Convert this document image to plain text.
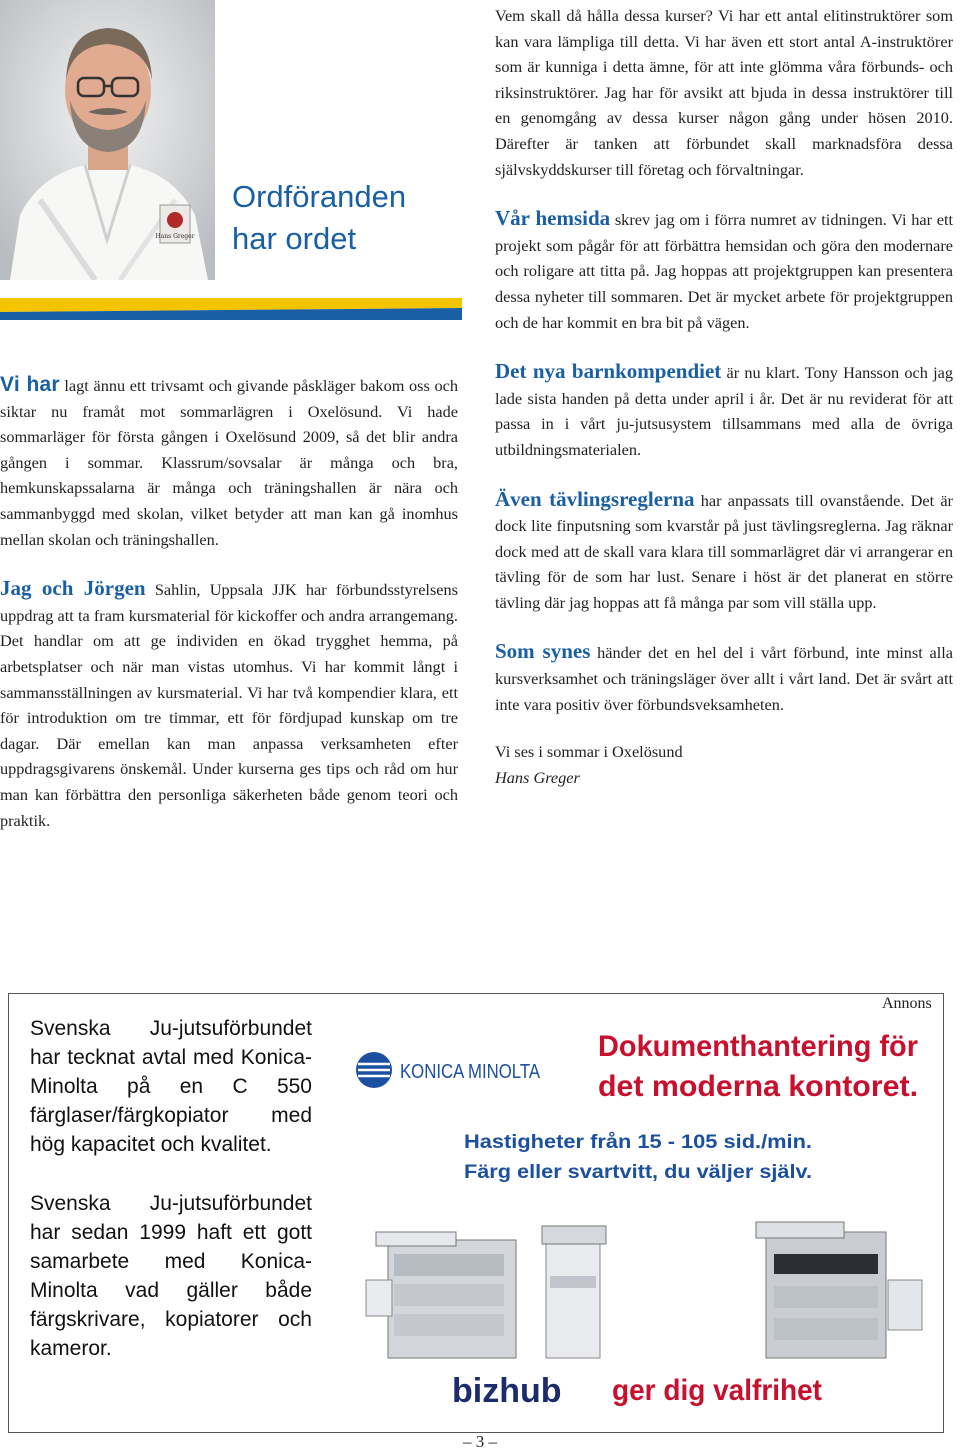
Hans Greger
Ordföranden
har ordet

Vi har lagt ännu ett trivsamt och givande påskläger bakom oss och siktar nu framåt mot sommarlägren i Oxelösund. Vi hade sommarläger för första gången i Oxelösund 2009, så det blir andra gången i sommar. Klassrum/sovsalar är många och bra, hemkunskapssalarna är många och träningshallen är nära och sammanbyggd med skolan, vilket betyder att man kan gå inomhus mellan skolan och träningshallen.

Jag och Jörgen Sahlin, Uppsala JJK har förbundsstyrelsens uppdrag att ta fram kursmaterial för kickoffer och andra arrangemang. Det handlar om att ge individen en ökad trygghet hemma, på arbetsplatser och när man vistas utomhus. Vi har kommit långt i sammansställningen av kursmaterial. Vi har två kompendier klara, ett för introduktion om tre timmar, ett för fördjupad kunskap om tre dagar. Där emellan kan man anpassa verksamheten efter uppdragsgivarens önskemål. Under kurserna ges tips och råd om hur man kan förbättra den personliga säkerheten både genom teori och praktik.

Vem skall då hålla dessa kurser? Vi har ett antal elitinstruktörer som kan vara lämpliga till detta. Vi har även ett stort antal A-instruktörer som är kunniga i detta ämne, för att inte glömma våra förbunds- och riksinstruktörer. Jag har för avsikt att bjuda in dessa instruktörer till en genomgång av dessa kurser någon gång under hösen 2010. Därefter är tanken att förbundet skall marknadsföra dessa självskyddskurser till företag och förvaltningar.

Vår hemsida skrev jag om i förra numret av tidningen. Vi har ett projekt som pågår för att förbättra hemsidan och göra den modernare och roligare att titta på. Jag hoppas att projektgruppen kan presentera dessa nyheter till sommaren. Det är mycket arbete för projektgruppen och de har kommit en bra bit på vägen.

Det nya barnkompendiet är nu klart. Tony Hansson och jag lade sista handen på detta under april i år. Det är nu reviderat för att passa in i vårt ju-jutsusystem tillsammans med alla de övriga utbildningsmaterialen.

Även tävlingsreglerna har anpassats till ovanstående. Det är dock lite finputsning som kvarstår på just tävlingsreglerna. Jag räknar dock med att de skall vara klara till sommarlägret där vi arrangerar en tävling för de som har lust. Senare i höst är det planerat en större tävling där jag hoppas att få många par som vill ställa upp.

Som synes händer det en hel del i vårt förbund, inte minst alla kursverksamhet och träningsläger över allt i vårt land. Det är svårt att inte vara positiv över förbundsveksamheten.

Vi ses i sommar i Oxelösund

Hans Greger

Annons

Svenska Ju-jutsuförbundet har tecknat avtal med Konica-Minolta på en C 550 färglaser/färgkopiator med hög kapacitet och kvalitet.

Svenska Ju-jutsuförbundet har sedan 1999 haft ett gott samarbete med Konica-Minolta vad gäller både färgskrivare, kopiatorer och kameror.

Dokumenthantering för
det moderna kontoret.
KONICA MINOLTA
Hastigheter från 15 - 105 sid./min.
Färg eller svartvitt, du väljer själv.
bizhub ger dig valfrihet
– 3 –
